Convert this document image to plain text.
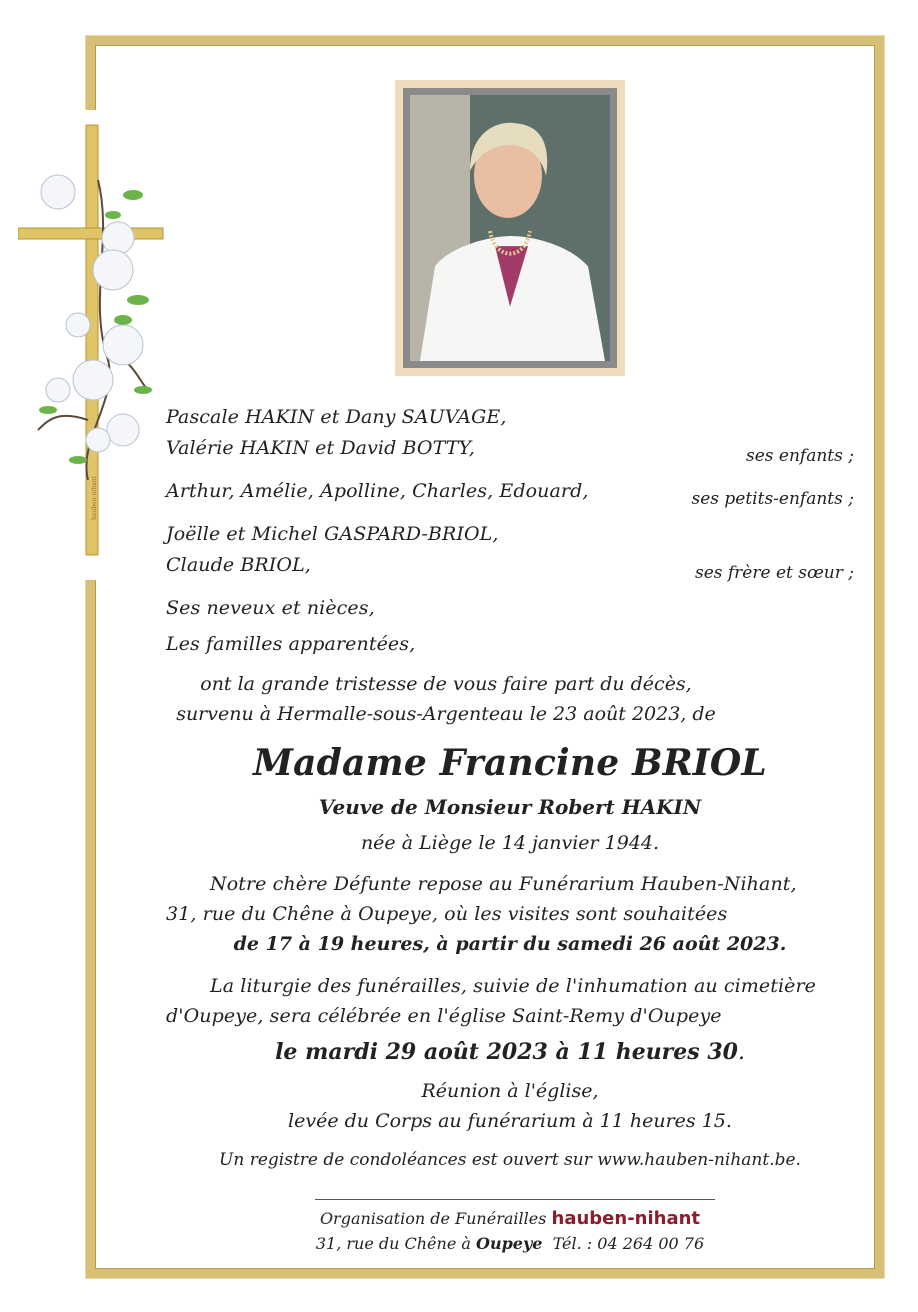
hauben-nihant
Pascale HAKIN et Dany SAUVAGE,
Valérie HAKIN et David BOTTY,	ses enfants ;
Arthur, Amélie, Apolline, Charles, Edouard,	ses petits-enfants ;
Joëlle et Michel GASPARD-BRIOL,
Claude BRIOL,	ses frère et sœur ;
Ses neveux et nièces,
Les familles apparentées,
ont la grande tristesse de vous faire part du décès,
survenu à Hermalle-sous-Argenteau le 23 août 2023, de
Madame Francine BRIOL
Veuve de Monsieur Robert HAKIN
née à Liège le 14 janvier 1944.
Notre chère Défunte repose au Funérarium Hauben-Nihant,
31, rue du Chêne à Oupeye, où les visites sont souhaitées
de 17 à 19 heures, à partir du samedi 26 août 2023.
La liturgie des funérailles, suivie de l'inhumation au cimetière
d'Oupeye, sera célébrée en l'église Saint-Remy d'Oupeye
le mardi 29 août 2023 à 11 heures 30.
Réunion à l'église,
levée du Corps au funérarium à 11 heures 15.
Un registre de condoléances est ouvert sur www.hauben-nihant.be.
Organisation de Funérailles hauben-nihant
31, rue du Chêne à Oupeye Tél. : 04 264 00 76
